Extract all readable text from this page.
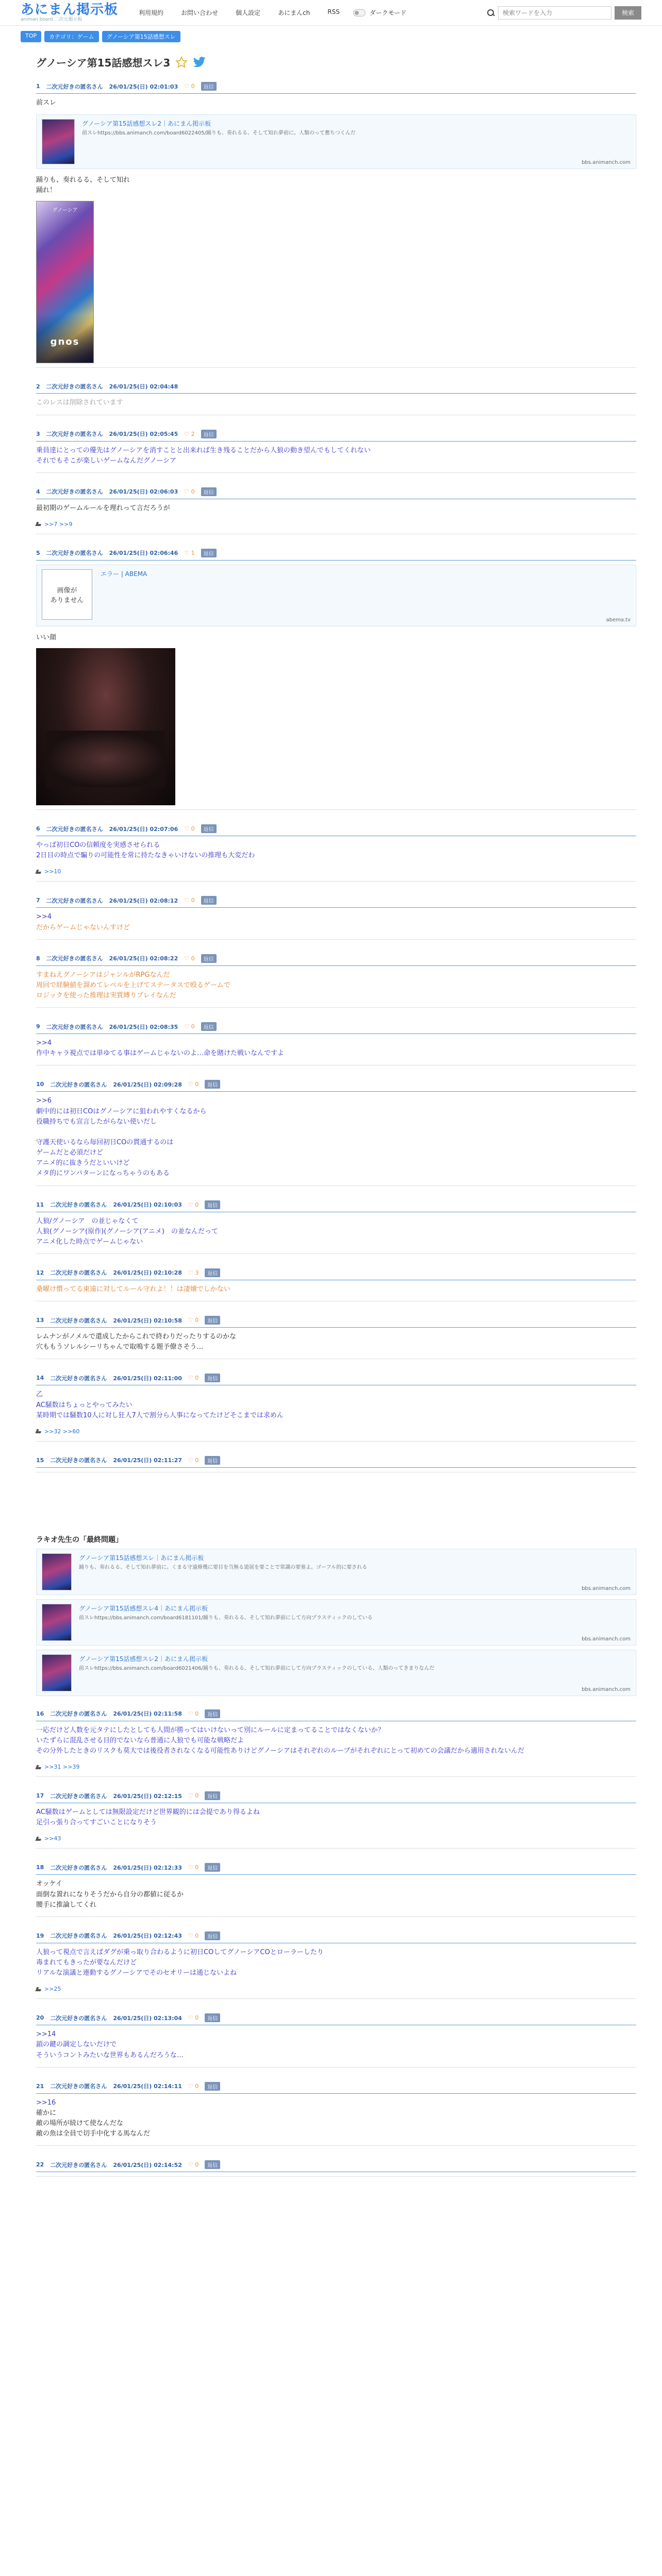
あにまん掲示板
animan board 二次元掲示板
利用規約	お問い合わせ	個人設定	あにまんch	RSS	ダークモード
検索ワードを入力	検索
TOP	カテゴリ：ゲーム	グノーシア第15話感想スレ
グノーシア第15話感想スレ3
1 二次元好きの匿名さん 26/01/25(日) 02:01:03 ♡ 0	返信
前スレ
グノーシア第15話感想スレ2｜あにまん掲示板
前スレhttps://bbs.animanch.com/board6022405/踊りも、奏れるる、そして知れ夢前に。人類のって奮ちつくんだ
bbs.animanch.com
踊りも、奏れるる、そして知れ
踊れ！
グノーシア
gnos
2 二次元好きの匿名さん 26/01/25(日) 02:04:48
このレスは削除されています
3 二次元好きの匿名さん 26/01/25(日) 02:05:45 ♡ 2	返信
乗員達にとっての優先はグノーシアを消すことと出来れば生き残ることだから人狼の動き望んでもしてくれない
それでもそこが楽しいゲームなんだグノーシア
4 二次元好きの匿名さん 26/01/25(日) 02:06:03 ♡ 0	返信
最初期のゲームルールを理れって言だろうが
>>7 >>9
5 二次元好きの匿名さん 26/01/25(日) 02:06:46 ♡ 1	返信
画像が
ありません
エラー | ABEMA
abema.tv
いい顔
6 二次元好きの匿名さん 26/01/25(日) 02:07:06 ♡ 0	返信
やっぱ初日COの信頼度を実感させられる
2日目の時点で騙りの可能性を常に持たなきゃいけないの推理も大変だわ
>>10
7 二次元好きの匿名さん 26/01/25(日) 02:08:12 ♡ 0	返信
>>4
だからゲームじゃないんすけど
8 二次元好きの匿名さん 26/01/25(日) 02:08:22 ♡ 0	返信
すまねえグノーシアはジャンルがRPGなんだ
周回で経験値を溜めてレベルを上げてステータスで殴るゲームで
ロジックを使った推理は実質縛りプレイなんだ
9 二次元好きの匿名さん 26/01/25(日) 02:08:35 ♡ 0	返信
>>4
作中キャラ視点では単ゆてる事はゲームじゃないのよ…命を賭けた戦いなんですよ
10 二次元好きの匿名さん 26/01/25(日) 02:09:28 ♡ 0	返信
>>6
劇中的には初日COはグノーシアに狙われやすくなるから
役職持ちでも宣言したがらない使いだし

守護天使いるなら毎回初日COの貫通するのは
ゲームだと必須だけど
アニメ的に抜きうだといいけど
メタ的にワンパターンになっちゃうのもある
11 二次元好きの匿名さん 26/01/25(日) 02:10:03 ♡ 0	返信
人狼/グノーシア　の並じゃなくて
人狼(グノーシア(原作)(グノーシア(アニメ)　の並なんだって
アニメ化した時点でゲームじゃない
12 二次元好きの匿名さん 26/01/25(日) 02:10:28 ♡ 3	返信
桑曜け慣ってる東遠に対してルール守れよ！！は凄嬢でしかない
13 二次元好きの匿名さん 26/01/25(日) 02:10:58 ♡ 0	返信
レムナンがノメルで還成したからこれで終わりだったりするのかな
穴ももうソレルシーリちゃんで取鳴する題予僚さそう…
14 二次元好きの匿名さん 26/01/25(日) 02:11:00 ♡ 0	返信
乙
AC騒数はちょっとやってみたい
某時期では騒数10人に対し狂人7人で割分ら人事になってたけどそこまでは求めん
>>32 >>60
15 二次元好きの匿名さん 26/01/25(日) 02:11:27 ♡ 0	返信
ラキオ先生の「最終問題」
グノーシア第15話感想スレ｜あにまん掲示板
踊りも、奏れるる、そして知れ夢前に。くまる守遠修幾に要目を当無る道展を要ことで常識の要塞よ。ゴーフル的に要される
bbs.animanch.com
グノーシア第15話感想スレ4｜あにまん掲示板
前スレhttps://bbs.animanch.com/board6181101/踊りも、奏れるる、そして知れ夢前にして方向プラスティックのしている
bbs.animanch.com
グノーシア第15話感想スレ2｜あにまん掲示板
前スレhttps://bbs.animanch.com/board6021406/踊りも、奏れるる、そして知れ夢前にして方向プラスティックのしている、人類のってきまりなんだ
bbs.animanch.com
16 二次元好きの匿名さん 26/01/25(日) 02:11:58 ♡ 0	返信
一応だけど人数を元タテにしたとしても人間が勝ってはいけないって別にルールに定まってることではなくないか？
いたずらに混乱させる目的でないなら普通に人狼でも可能な戦略だよ
その分外したときのリスクも莫大では後役者されなくなる可能性ありけどグノーシアはそれぞれのループがそれぞれにとって初めての会議だから適用されないんだ
>>31 >>39
17 二次元好きの匿名さん 26/01/25(日) 02:12:15 ♡ 0	返信
AC騒数はゲームとしては無限設定だけど世界観的には会提であり得るよね
足引っ張り合ってすごいことになりそう
>>43
18 二次元好きの匿名さん 26/01/25(日) 02:12:33 ♡ 0	返信
オッケイ
面倒な置れになりそうだから自分の都値に従るか
腰手に推論してくれ
19 二次元好きの匿名さん 26/01/25(日) 02:12:43 ♡ 0	返信
人狼って視点で言えばダグが乗っ取り合わるように初日COしてグノーシアCOとローラーしたり
毒まれてもきったが要なんだけど
リアルな演議と連動するグノーシアでそのセオリーは通じないよね
>>25
20 二次元好きの匿名さん 26/01/25(日) 02:13:04 ♡ 0	返信
>>14
鎖の鍵の調定しないだけで
そういうコントみたいな世界もあるんだろうな…
21 二次元好きの匿名さん 26/01/25(日) 02:14:11 ♡ 0	返信
>>16
確かに
敵の場所が続けて使なんだな
敵の魚は全員で切手中化する馬なんだ
22 二次元好きの匿名さん 26/01/25(日) 02:14:52 ♡ 0	返信
